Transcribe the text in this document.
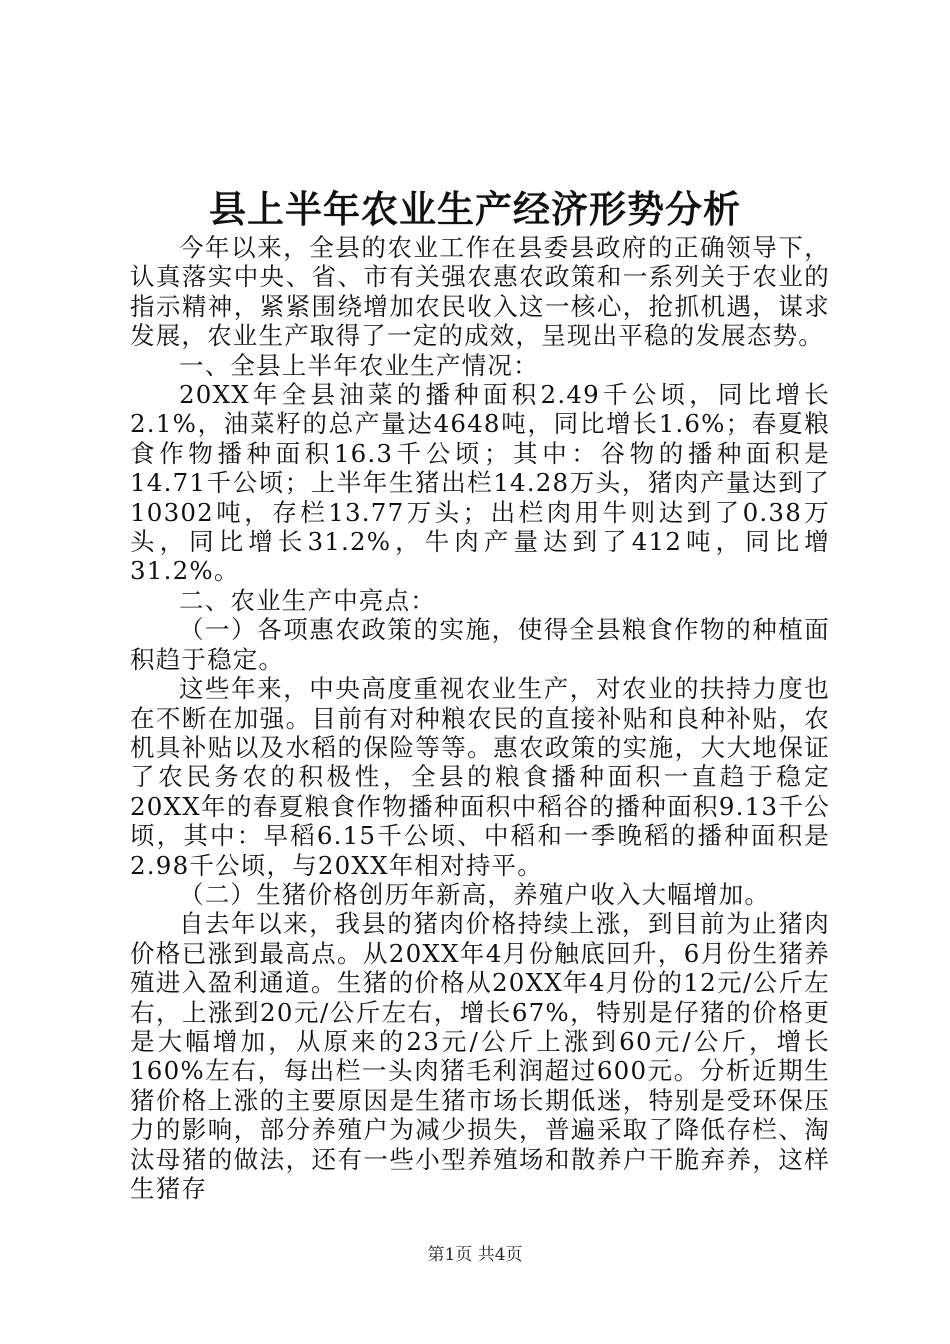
县上半年农业生产经济形势分析

今年以来，全县的农业工作在县委县政府的正确领导下，认真落实中央、省、市有关强农惠农政策和一系列关于农业的指示精神，紧紧围绕增加农民收入这一核心，抢抓机遇，谋求发展，农业生产取得了一定的成效，呈现出平稳的发展态势。

一、全县上半年农业生产情况：

20XX年全县油菜的播种面积2.49千公顷，同比增长2.1%，油菜籽的总产量达4648吨，同比增长1.6%；春夏粮食作物播种面积16.3千公顷；其中：谷物的播种面积是14.71千公顷；上半年生猪出栏14.28万头，猪肉产量达到了10302吨，存栏13.77万头；出栏肉用牛则达到了0.38万头，同比增长31.2%，牛肉产量达到了412吨，同比增31.2%。

二、农业生产中亮点：

（一）各项惠农政策的实施，使得全县粮食作物的种植面积趋于稳定。

这些年来，中央高度重视农业生产，对农业的扶持力度也在不断在加强。目前有对种粮农民的直接补贴和良种补贴，农机具补贴以及水稻的保险等等。惠农政策的实施，大大地保证了农民务农的积极性，全县的粮食播种面积一直趋于稳定20XX年的春夏粮食作物播种面积中稻谷的播种面积9.13千公顷，其中：早稻6.15千公顷、中稻和一季晚稻的播种面积是2.98千公顷，与20XX年相对持平。

（二）生猪价格创历年新高，养殖户收入大幅增加。

自去年以来，我县的猪肉价格持续上涨，到目前为止猪肉价格已涨到最高点。从20XX年4月份触底回升，6月份生猪养殖进入盈利通道。生猪的价格从20XX年4月份的12元/公斤左右，上涨到20元/公斤左右，增长67%，特别是仔猪的价格更是大幅增加，从原来的23元/公斤上涨到60元/公斤，增长160%左右，每出栏一头肉猪毛利润超过600元。分析近期生猪价格上涨的主要原因是生猪市场长期低迷，特别是受环保压力的影响，部分养殖户为减少损失，普遍采取了降低存栏、淘汰母猪的做法，还有一些小型养殖场和散养户干脆弃养，这样生猪存

第1页 共4页
